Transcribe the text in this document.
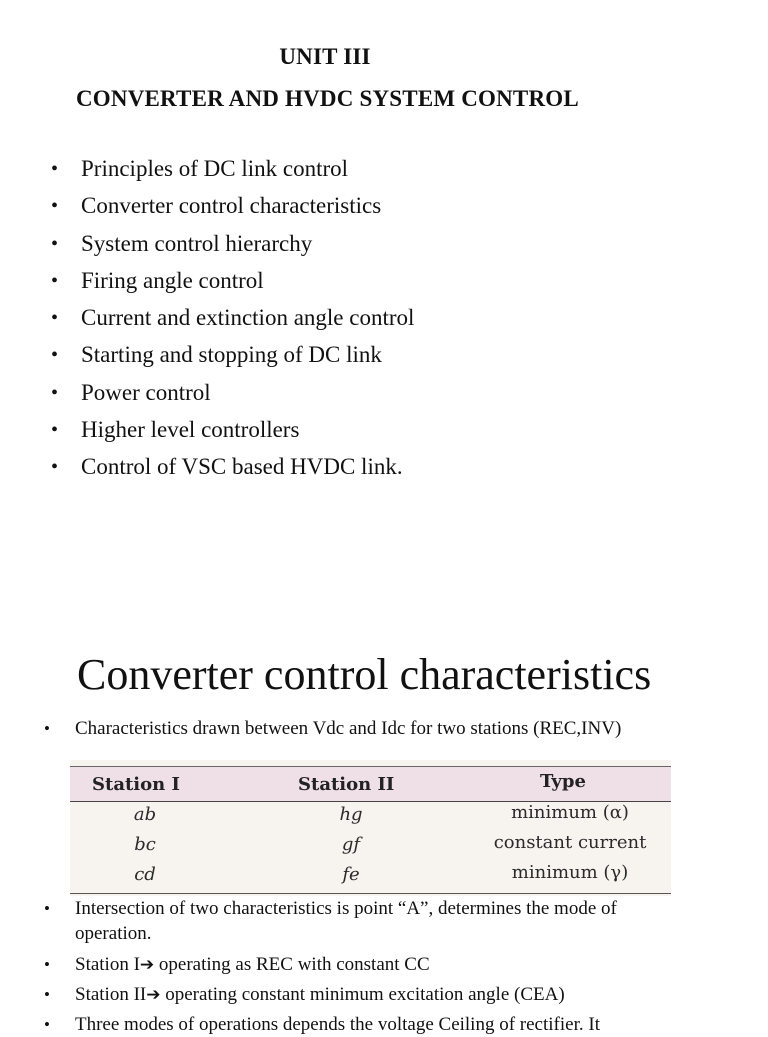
UNIT III
CONVERTER AND HVDC SYSTEM CONTROL
• Principles of DC link control
• Converter control characteristics
• System control hierarchy
• Firing angle control
• Current and extinction angle control
• Starting and stopping of DC link
• Power control
• Higher level controllers
• Control of VSC based HVDC link.
Converter control characteristics
• Characteristics drawn between Vdc and Idc for two stations (REC,INV)
Station I	Station II	Type
ab	hg	minimum (α)
bc	gf	constant current
cd	fe	minimum (γ)
• Intersection of two characteristics is point “A”, determines the mode of operation.
• Station I➔ operating as REC with constant CC
• Station II➔ operating constant minimum excitation angle (CEA)
• Three modes of operations depends the voltage Ceiling of rectifier. It
